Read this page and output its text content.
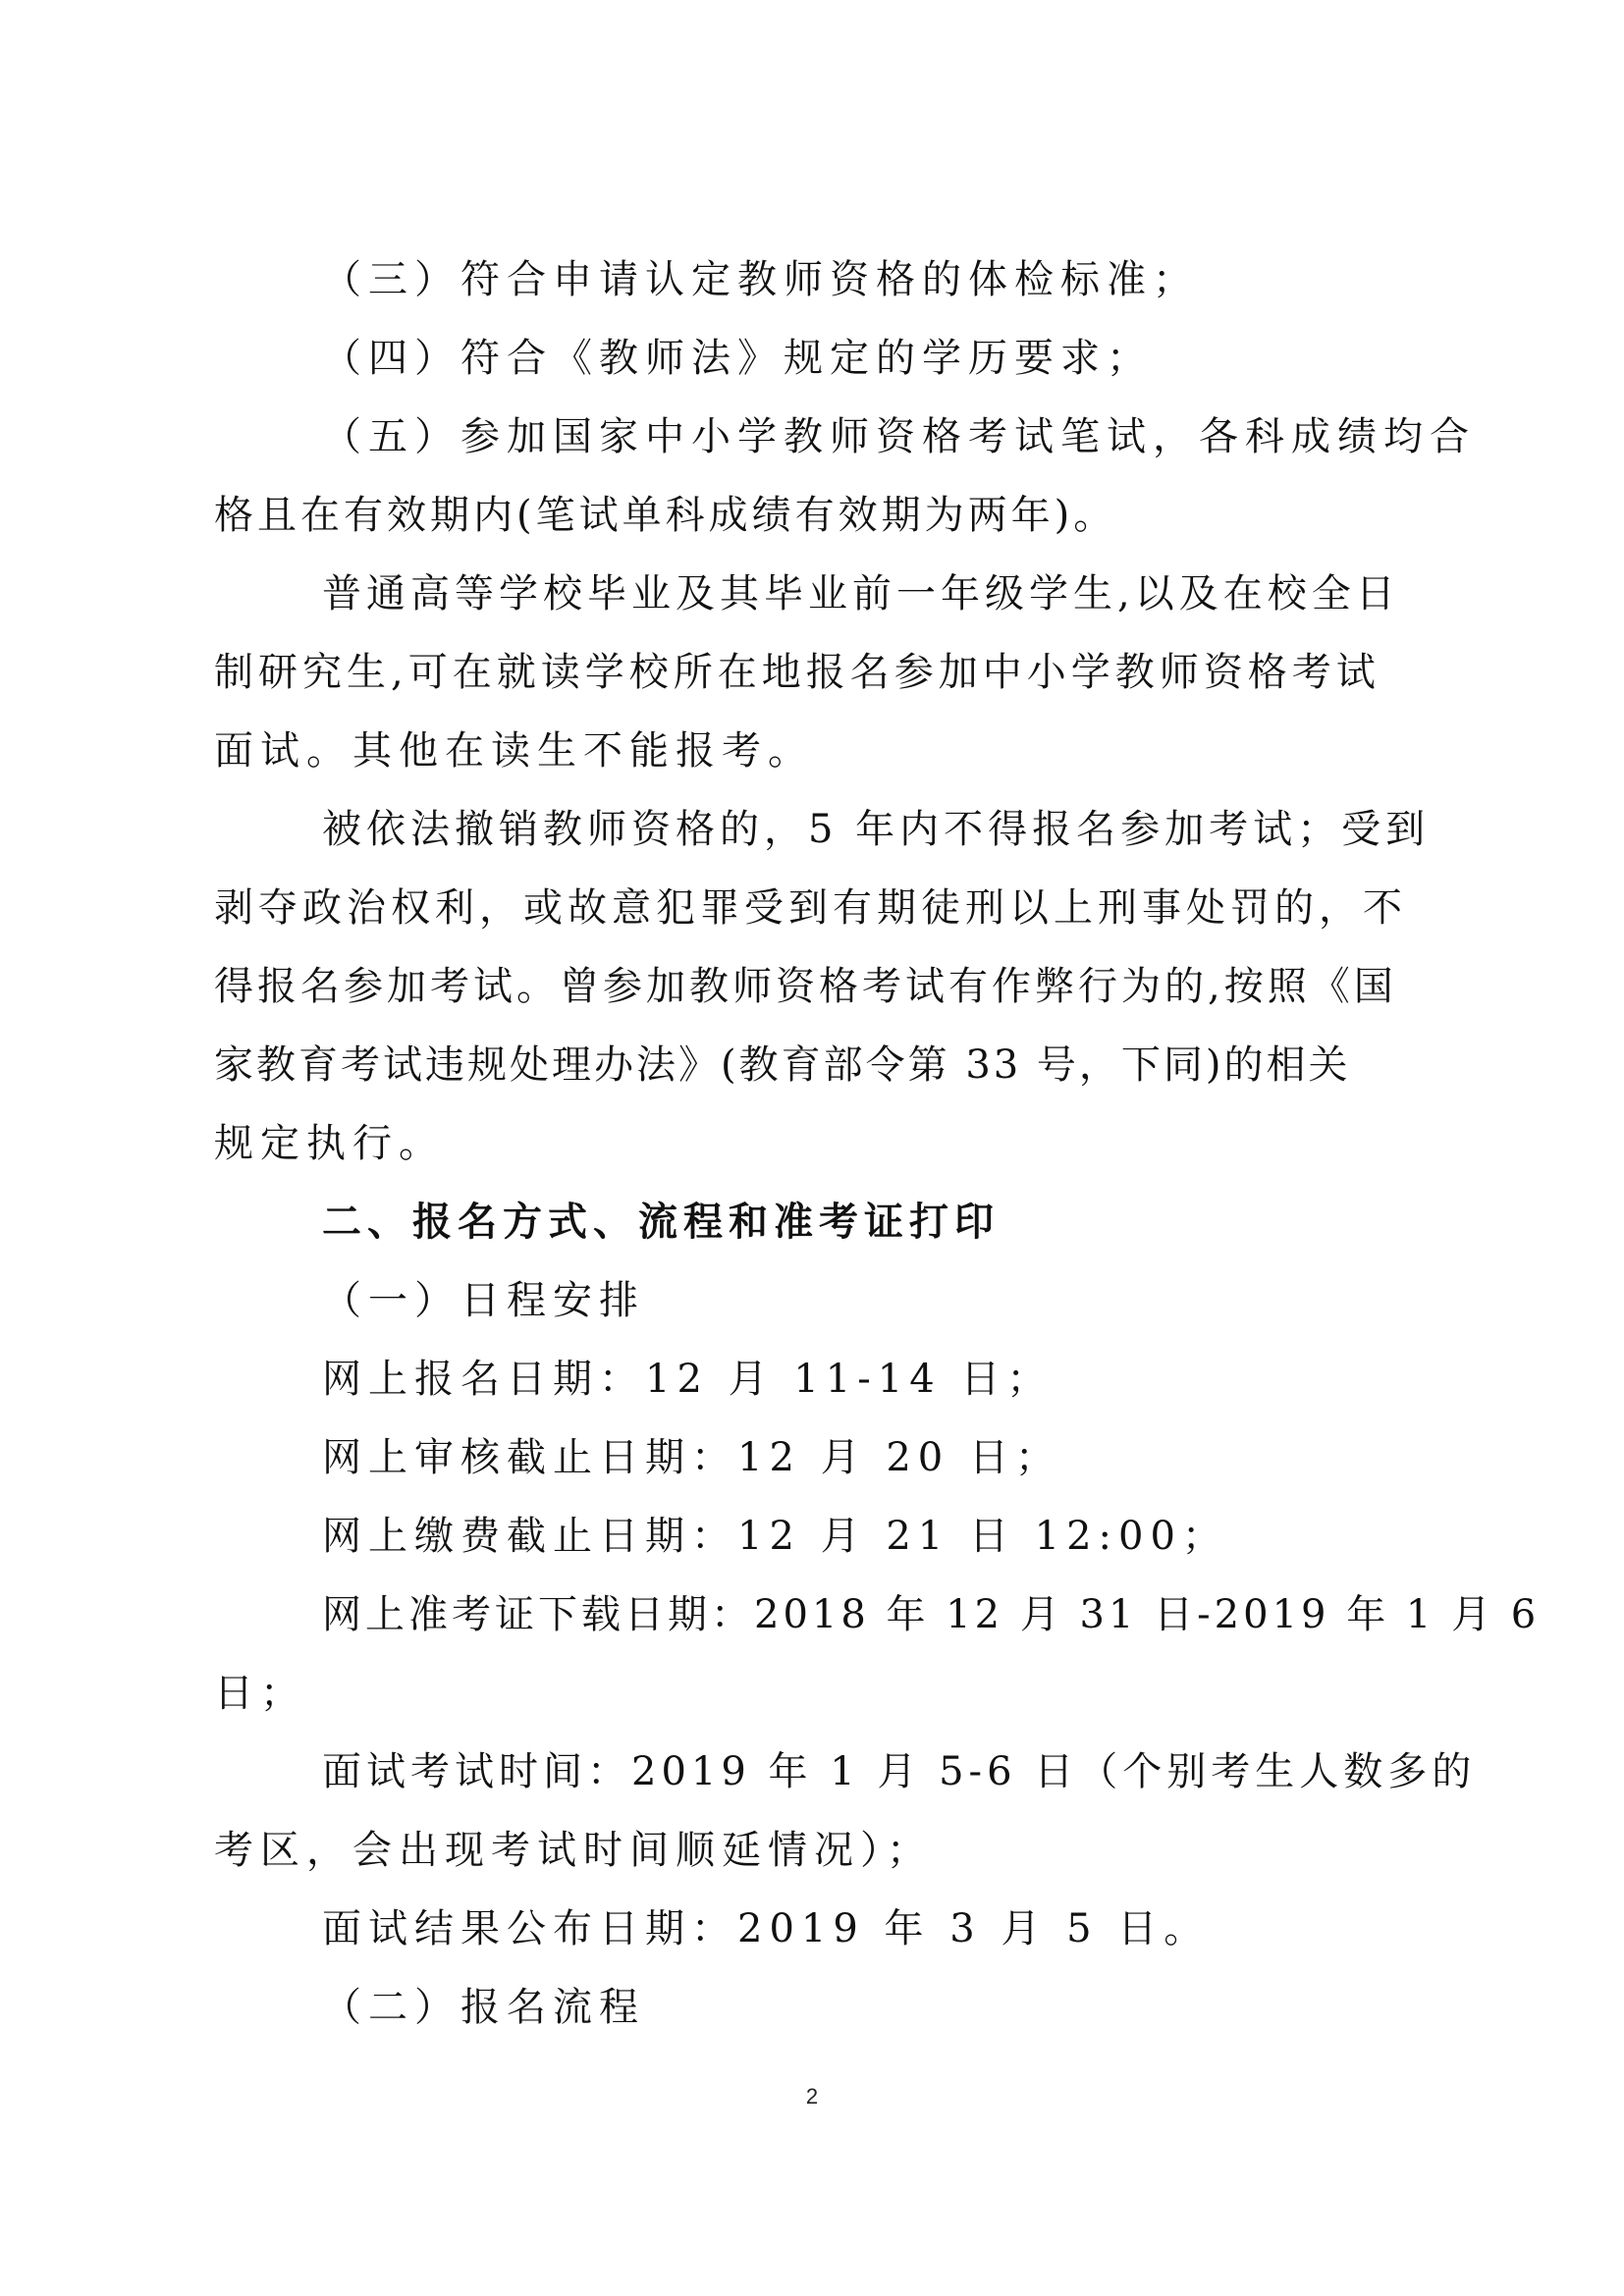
（三）符合申请认定教师资格的体检标准；
（四）符合《教师法》规定的学历要求；
（五）参加国家中小学教师资格考试笔试，各科成绩均合
格且在有效期内(笔试单科成绩有效期为两年)。
普通高等学校毕业及其毕业前一年级学生,以及在校全日
制研究生,可在就读学校所在地报名参加中小学教师资格考试
面试。其他在读生不能报考。
被依法撤销教师资格的，5 年内不得报名参加考试；受到
剥夺政治权利，或故意犯罪受到有期徒刑以上刑事处罚的，不
得报名参加考试。曾参加教师资格考试有作弊行为的,按照《国
家教育考试违规处理办法》(教育部令第 33 号，下同)的相关
规定执行。
二、报名方式、流程和准考证打印
（一）日程安排
网上报名日期：12 月 11-14 日；
网上审核截止日期：12 月 20 日；
网上缴费截止日期：12 月 21 日 12:00；
网上准考证下载日期：2018 年 12 月 31 日-2019 年 1 月 6
日；
面试考试时间：2019 年 1 月 5-6 日（个别考生人数多的
考区，会出现考试时间顺延情况）；
面试结果公布日期：2019 年 3 月 5 日。
（二）报名流程
2
